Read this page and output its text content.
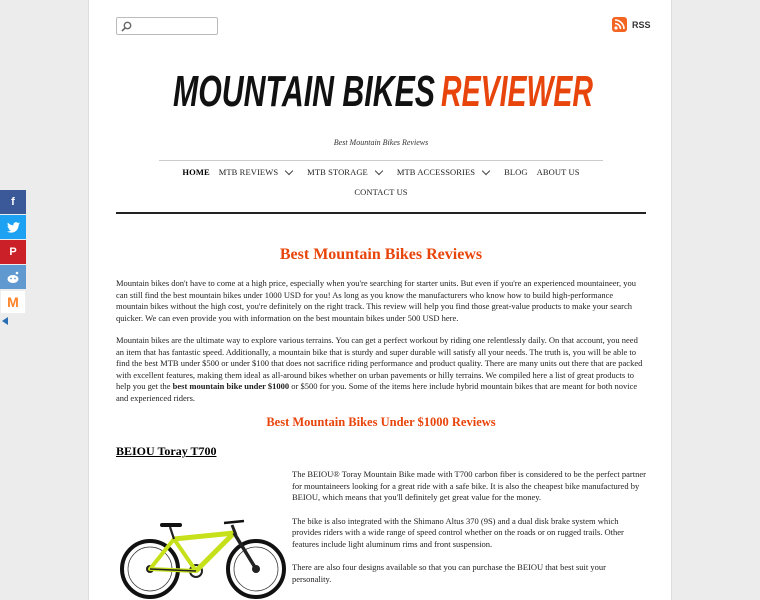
RSS
MOUNTAIN BIKES REVIEWER
Best Mountain Bikes Reviews
HOME MTB REVIEWS	MTB STORAGE	MTB ACCESSORIES	BLOG ABOUT US
CONTACT US
Best Mountain Bikes Reviews

Mountain bikes don't have to come at a high price, especially when you're searching for starter units. But even if you're an experienced mountaineer, you can still find the best mountain bikes under 1000 USD for you! As long as you know the manufacturers who know how to build high-performance mountain bikes without the high cost, you're definitely on the right track. This review will help you find those great-value products to make your search quicker. We can even provide you with information on the best mountain bikes under 500 USD here.

Mountain bikes are the ultimate way to explore various terrains. You can get a perfect workout by riding one relentlessly daily. On that account, you need an item that has fantastic speed. Additionally, a mountain bike that is sturdy and super durable will satisfy all your needs. The truth is, you will be able to find the best MTB under $500 or under $100 that does not sacrifice riding performance and product quality. There are many units out there that are packed with excellent features, making them ideal as all-around bikes whether on urban pavements or hilly terrains. We compiled here a list of great products to help you get the best mountain bike under $1000 or $500 for you. Some of the items here include hybrid mountain bikes that are meant for both novice and experienced riders.

Best Mountain Bikes Under $1000 Reviews
BEIOU Toray T700

The BEIOU® Toray Mountain Bike made with T700 carbon fiber is considered to be the perfect partner for mountaineers looking for a great ride with a safe bike. It is also the cheapest bike manufactured by BEIOU, which means that you'll definitely get great value for the money.

The bike is also integrated with the Shimano Altus 370 (9S) and a dual disk brake system which provides riders with a wide range of speed control whether on the roads or on rugged trails. Other features include light aluminum rims and front suspension.

There are also four designs available so that you can purchase the BEIOU that best suit your personality.

f
P
M
